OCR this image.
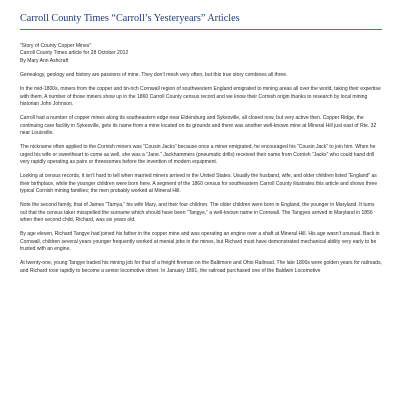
Carroll County Times “Carroll’s Yesteryears” Articles
“Story of County Copper Mines”
Carroll County Times article for 28 October 2012
By Mary Ann Ashcraft

Genealogy, geology and history are passions of mine. They don’t mesh very often, but this true story combines all three.

In the mid-1800s, miners from the copper and tin-rich Cornwall region of southwestern England emigrated to mining areas all over the world, taking their expertise with them. A number of those miners show up in the 1860 Carroll County census record and we know their Cornish origin thanks to research by local mining historian John Johnson.

Carroll had a number of copper mines along its southeastern edge near Eldersburg and Sykesville, all closed now, but very active then. Copper Ridge, the continuing care facility in Sykesville, gets its name from a mine located on its grounds and there was another well-known mine at Mineral Hill just east of Rte. 32 near Louisville.

The nickname often applied to the Cornish miners was “Cousin Jacks” because once a miner emigrated, he encouraged his “Cousin Jack” to join him. When he urged his wife or sweetheart to come as well, she was a “Jane.” Jackhammers (pneumatic drills) received their name from Cornish “Jacks” who could hand drill very rapidly operating as pairs or threesomes before the invention of modern equipment.

Looking at census records, it isn’t hard to tell when married miners arrived in the United States. Usually the husband, wife, and older children listed “England” as their birthplace, while the younger children were born here. A segment of the 1860 census for southeastern Carroll County illustrates this article and shows three typical Cornish mining families; the men probably worked at Mineral Hill.

Note the second family, that of James “Tamya,” his wife Mary, and their four children. The older children were born in England, the younger in Maryland. It turns out that the census taker misspelled the surname which should have been “Tangye,” a well-known name in Cornwall. The Tangyes arrived in Maryland in 1856 when their second child, Richard, was six years old.

By age eleven, Richard Tangye had joined his father in the copper mine and was operating an engine over a shaft at Mineral Hill. His age wasn’t unusual. Back in Cornwall, children several years younger frequently worked at menial jobs in the mines, but Richard must have demonstrated mechanical ability very early to be trusted with an engine.

At twenty-one, young Tangye traded his mining job for that of a freight fireman on the Baltimore and Ohio Railroad. The late 1800s were golden years for railroads, and Richard rose rapidly to become a senior locomotive driver. In January 1891, the railroad purchased one of the Baldwin Locomotive
